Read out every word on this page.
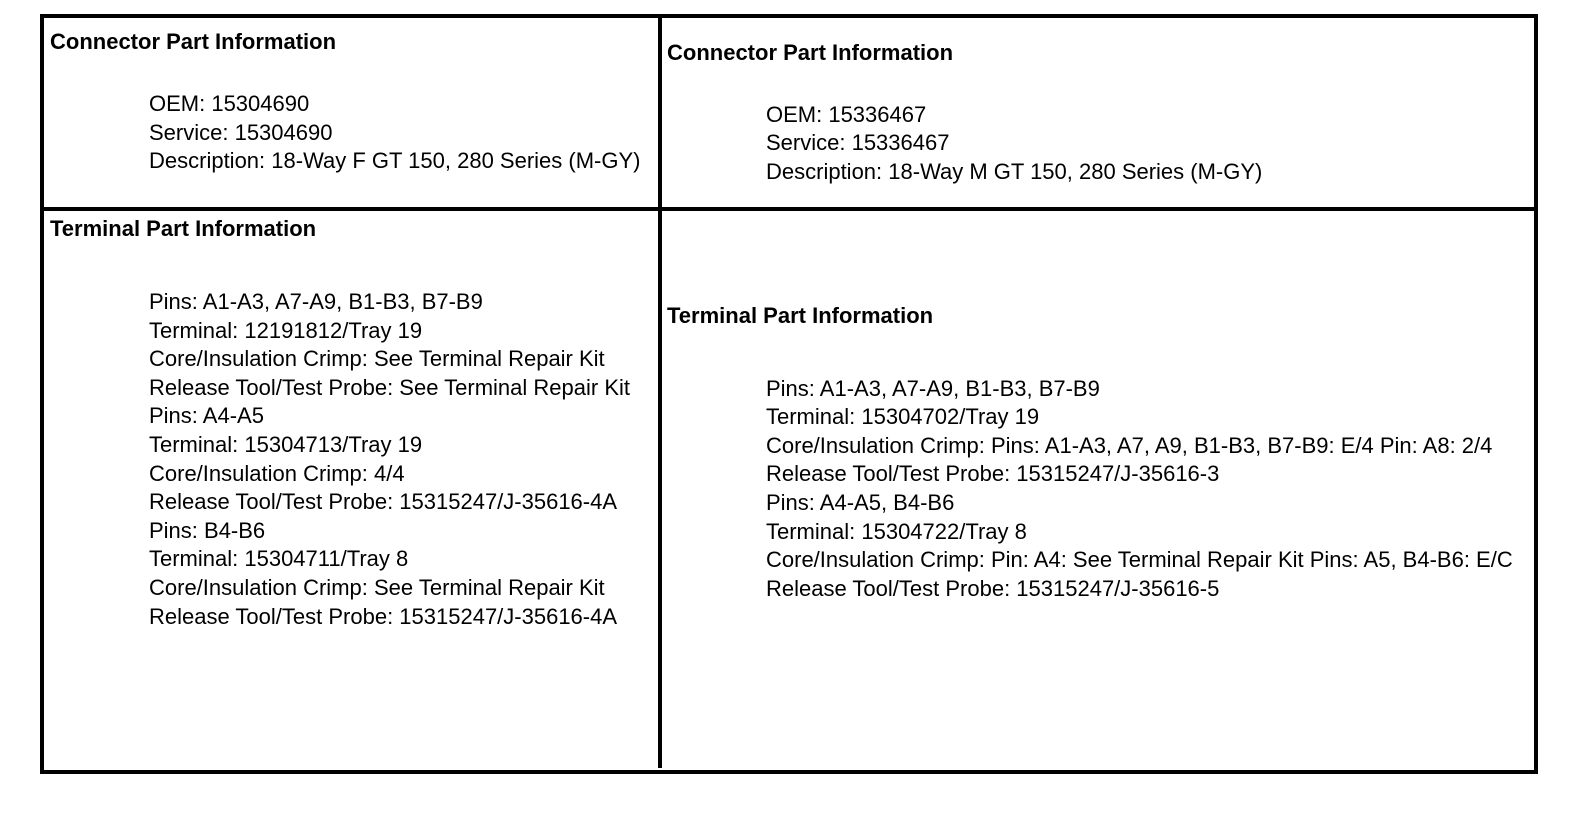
Connector Part Information
OEM: 15304690
Service: 15304690
Description: 18-Way F GT 150, 280 Series (M-GY)
Connector Part Information
OEM: 15336467
Service: 15336467
Description: 18-Way M GT 150, 280 Series (M-GY)
Terminal Part Information
Pins: A1-A3, A7-A9, B1-B3, B7-B9
Terminal: 12191812/Tray 19
Core/Insulation Crimp: See Terminal Repair Kit
Release Tool/Test Probe: See Terminal Repair Kit
Pins: A4-A5
Terminal: 15304713/Tray 19
Core/Insulation Crimp: 4/4
Release Tool/Test Probe: 15315247/J-35616-4A
Pins: B4-B6
Terminal: 15304711/Tray 8
Core/Insulation Crimp: See Terminal Repair Kit
Release Tool/Test Probe: 15315247/J-35616-4A
Terminal Part Information
Pins: A1-A3, A7-A9, B1-B3, B7-B9
Terminal: 15304702/Tray 19
Core/Insulation Crimp: Pins: A1-A3, A7, A9, B1-B3, B7-B9: E/4 Pin: A8: 2/4
Release Tool/Test Probe: 15315247/J-35616-3
Pins: A4-A5, B4-B6
Terminal: 15304722/Tray 8
Core/Insulation Crimp: Pin: A4: See Terminal Repair Kit Pins: A5, B4-B6: E/C
Release Tool/Test Probe: 15315247/J-35616-5
